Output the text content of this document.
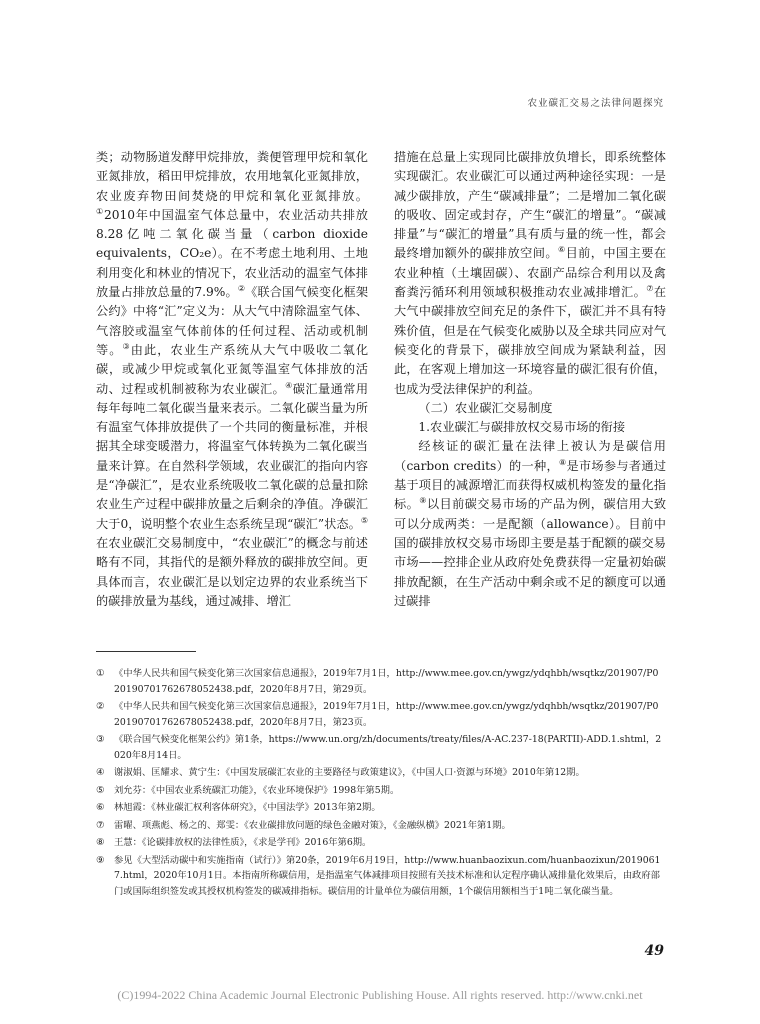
农业碳汇交易之法律问题探究

类；动物肠道发酵甲烷排放，粪便管理甲烷和氧化亚氮排放，稻田甲烷排放，农用地氧化亚氮排放，农业废弃物田间焚烧的甲烷和氧化亚氮排放。①2010年中国温室气体总量中，农业活动共排放8.28亿吨二氧化碳当量（carbon dioxide equivalents，CO₂e）。在不考虑土地利用、土地利用变化和林业的情况下，农业活动的温室气体排放量占排放总量的7.9%。②《联合国气候变化框架公约》中将“汇”定义为：从大气中清除温室气体、气溶胶或温室气体前体的任何过程、活动或机制等。③由此，农业生产系统从大气中吸收二氧化碳，或减少甲烷或氧化亚氮等温室气体排放的活动、过程或机制被称为农业碳汇。④碳汇量通常用每年每吨二氧化碳当量来表示。二氧化碳当量为所有温室气体排放提供了一个共同的衡量标准，并根据其全球变暖潜力，将温室气体转换为二氧化碳当量来计算。在自然科学领域，农业碳汇的指向内容是“净碳汇”，是农业系统吸收二氧化碳的总量扣除农业生产过程中碳排放量之后剩余的净值。净碳汇大于0，说明整个农业生态系统呈现“碳汇”状态。⑤在农业碳汇交易制度中，“农业碳汇”的概念与前述略有不同，其指代的是额外释放的碳排放空间。更具体而言，农业碳汇是以划定边界的农业系统当下的碳排放量为基线，通过减排、增汇

措施在总量上实现同比碳排放负增长，即系统整体实现碳汇。农业碳汇可以通过两种途径实现：一是减少碳排放，产生“碳减排量”；二是增加二氧化碳的吸收、固定或封存，产生“碳汇的增量”。“碳减排量”与“碳汇的增量”具有质与量的统一性，都会最终增加额外的碳排放空间。⑥目前，中国主要在农业种植（土壤固碳）、农副产品综合利用以及禽畜粪污循环利用领域积极推动农业减排增汇。⑦在大气中碳排放空间充足的条件下，碳汇并不具有特殊价值，但是在气候变化威胁以及全球共同应对气候变化的背景下，碳排放空间成为紧缺利益，因此，在客观上增加这一环境容量的碳汇很有价值，也成为受法律保护的利益。

（二）农业碳汇交易制度
1.农业碳汇与碳排放权交易市场的衔接

经核证的碳汇量在法律上被认为是碳信用（carbon credits）的一种，⑧是市场参与者通过基于项目的减源增汇而获得权威机构签发的量化指标。⑨以目前碳交易市场的产品为例，碳信用大致可以分成两类：一是配额（allowance）。目前中国的碳排放权交易市场即主要是基于配额的碳交易市场——控排企业从政府处免费获得一定量初始碳排放配额，在生产活动中剩余或不足的额度可以通过碳排

①	《中华人民共和国气候变化第三次国家信息通报》，2019年7月1日，http://www.mee.gov.cn/ywgz/ydqhbh/wsqtkz/201907/P020190701762678052438.pdf，2020年8月7日，第29页。
②	《中华人民共和国气候变化第三次国家信息通报》，2019年7月1日，http://www.mee.gov.cn/ywgz/ydqhbh/wsqtkz/201907/P020190701762678052438.pdf，2020年8月7日，第23页。
③	《联合国气候变化框架公约》第1条，https://www.un.org/zh/documents/treaty/files/A-AC.237-18(PARTII)-ADD.1.shtml，2020年8月14日。
④	谢淑娟、匡耀求、黄宁生：《中国发展碳汇农业的主要路径与政策建议》，《中国人口·资源与环境》2010年第12期。
⑤	刘允芬：《中国农业系统碳汇功能》，《农业环境保护》1998年第5期。
⑥	林旭霞：《林业碳汇权利客体研究》，《中国法学》2013年第2期。
⑦	雷曜、项燕彪、杨之的、郑雯：《农业碳排放问题的绿色金融对策》，《金融纵横》2021年第1期。
⑧	王慧：《论碳排放权的法律性质》，《求是学刊》2016年第6期。
⑨	参见《大型活动碳中和实施指南（试行）》第20条，2019年6月19日，http://www.huanbaozixun.com/huanbaozixun/20190617.html，2020年10月1日。本指南所称碳信用，是指温室气体减排项目按照有关技术标准和认定程序确认减排量化效果后，由政府部门或国际组织签发或其授权机构签发的碳减排指标。碳信用的计量单位为碳信用额，1个碳信用额相当于1吨二氧化碳当量。
49
(C)1994-2022 China Academic Journal Electronic Publishing House. All rights reserved. http://www.cnki.net
